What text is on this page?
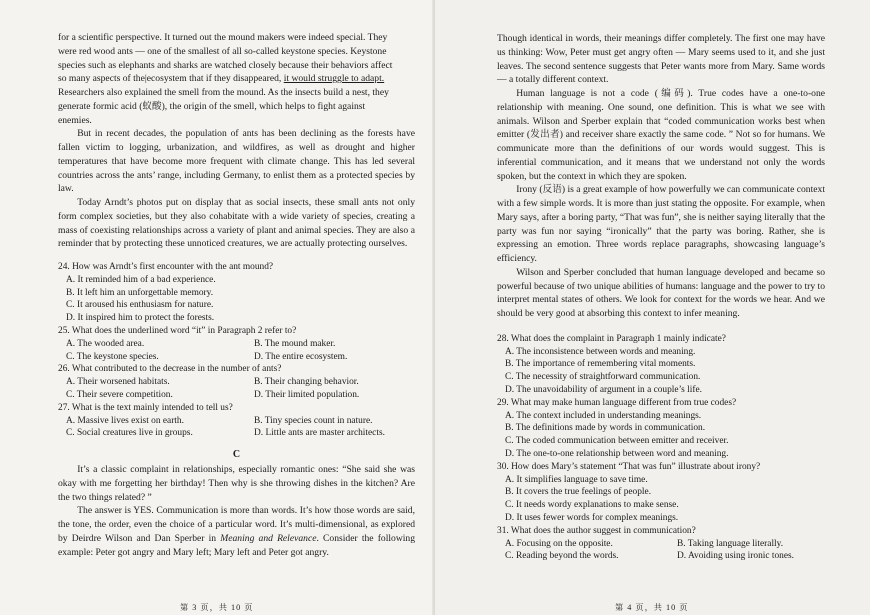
for a scientific perspective. It turned out the mound makers were indeed special. They
were red wood ants — one of the smallest of all so-called keystone species. Keystone
species such as elephants and sharks are watched closely because their behaviors affect
so many aspects of the|ecosystem that if they disappeared, it would struggle to adapt.
Researchers also explained the smell from the mound. As the insects build a nest, they
generate formic acid (蚁酸), the origin of the smell, which helps to fight against
enemies.

But in recent decades, the population of ants has been declining as the forests have fallen victim to logging, urbanization, and wildfires, as well as drought and higher temperatures that have become more frequent with climate change. This has led several countries across the ants’ range, including Germany, to enlist them as a protected species by law.

Today Arndt’s photos put on display that as social insects, these small ants not only form complex societies, but they also cohabitate with a wide variety of species, creating a mass of coexisting relationships across a variety of plant and animal species. They are also a reminder that by protecting these unnoticed creatures, we are actually protecting ourselves.

24. How was Arndt’s first encounter with the ant mound?

A. It reminded him of a bad experience.

B. It left him an unforgettable memory.

C. It aroused his enthusiasm for nature.

D. It inspired him to protect the forests.

25. What does the underlined word “it” in Paragraph 2 refer to?

A. The wooded area.	B. The mound maker.

C. The keystone species.	D. The entire ecosystem.

26. What contributed to the decrease in the number of ants?

A. Their worsened habitats.	B. Their changing behavior.

C. Their severe competition.	D. Their limited population.

27. What is the text mainly intended to tell us?

A. Massive lives exist on earth.	B. Tiny species count in nature.

C. Social creatures live in groups.	D. Little ants are master architects.

C

It’s a classic complaint in relationships, especially romantic ones: “She said she was okay with me forgetting her birthday! Then why is she throwing dishes in the kitchen? Are the two things related? ”

The answer is YES. Communication is more than words. It’s how those words are said, the tone, the order, even the choice of a particular word. It’s multi-dimensional, as explored by Deirdre Wilson and Dan Sperber in Meaning and Relevance. Consider the following example: Peter got angry and Mary left; Mary left and Peter got angry.

第 3 页，共 10 页

Though identical in words, their meanings differ completely. The first one may have us thinking: Wow, Peter must get angry often — Mary seems used to it, and she just leaves. The second sentence suggests that Peter wants more from Mary. Same words — a totally different context.

Human language is not a code (编码). True codes have a one-to-one relationship with meaning. One sound, one definition. This is what we see with animals. Wilson and Sperber explain that “coded communication works best when emitter (发出者) and receiver share exactly the same code. ” Not so for humans. We communicate more than the definitions of our words would suggest. This is inferential communication, and it means that we understand not only the words spoken, but the context in which they are spoken.

Irony (反语) is a great example of how powerfully we can communicate context with a few simple words. It is more than just stating the opposite. For example, when Mary says, after a boring party, “That was fun”, she is neither saying literally that the party was fun nor saying “ironically” that the party was boring. Rather, she is expressing an emotion. Three words replace paragraphs, showcasing language’s efficiency.

Wilson and Sperber concluded that human language developed and became so powerful because of two unique abilities of humans: language and the power to try to interpret mental states of others. We look for context for the words we hear. And we should be very good at absorbing this context to infer meaning.

28. What does the complaint in Paragraph 1 mainly indicate?

A. The inconsistence between words and meaning.

B. The importance of remembering vital moments.

C. The necessity of straightforward communication.

D. The unavoidability of argument in a couple’s life.

29. What may make human language different from true codes?

A. The context included in understanding meanings.

B. The definitions made by words in communication.

C. The coded communication between emitter and receiver.

D. The one-to-one relationship between word and meaning.

30. How does Mary’s statement “That was fun” illustrate about irony?

A. It simplifies language to save time.

B. It covers the true feelings of people.

C. It needs wordy explanations to make sense.

D. It uses fewer words for complex meanings.

31. What does the author suggest in communication?

A. Focusing on the opposite.	B. Taking language literally.

C. Reading beyond the words.	D. Avoiding using ironic tones.

第 4 页，共 10 页
